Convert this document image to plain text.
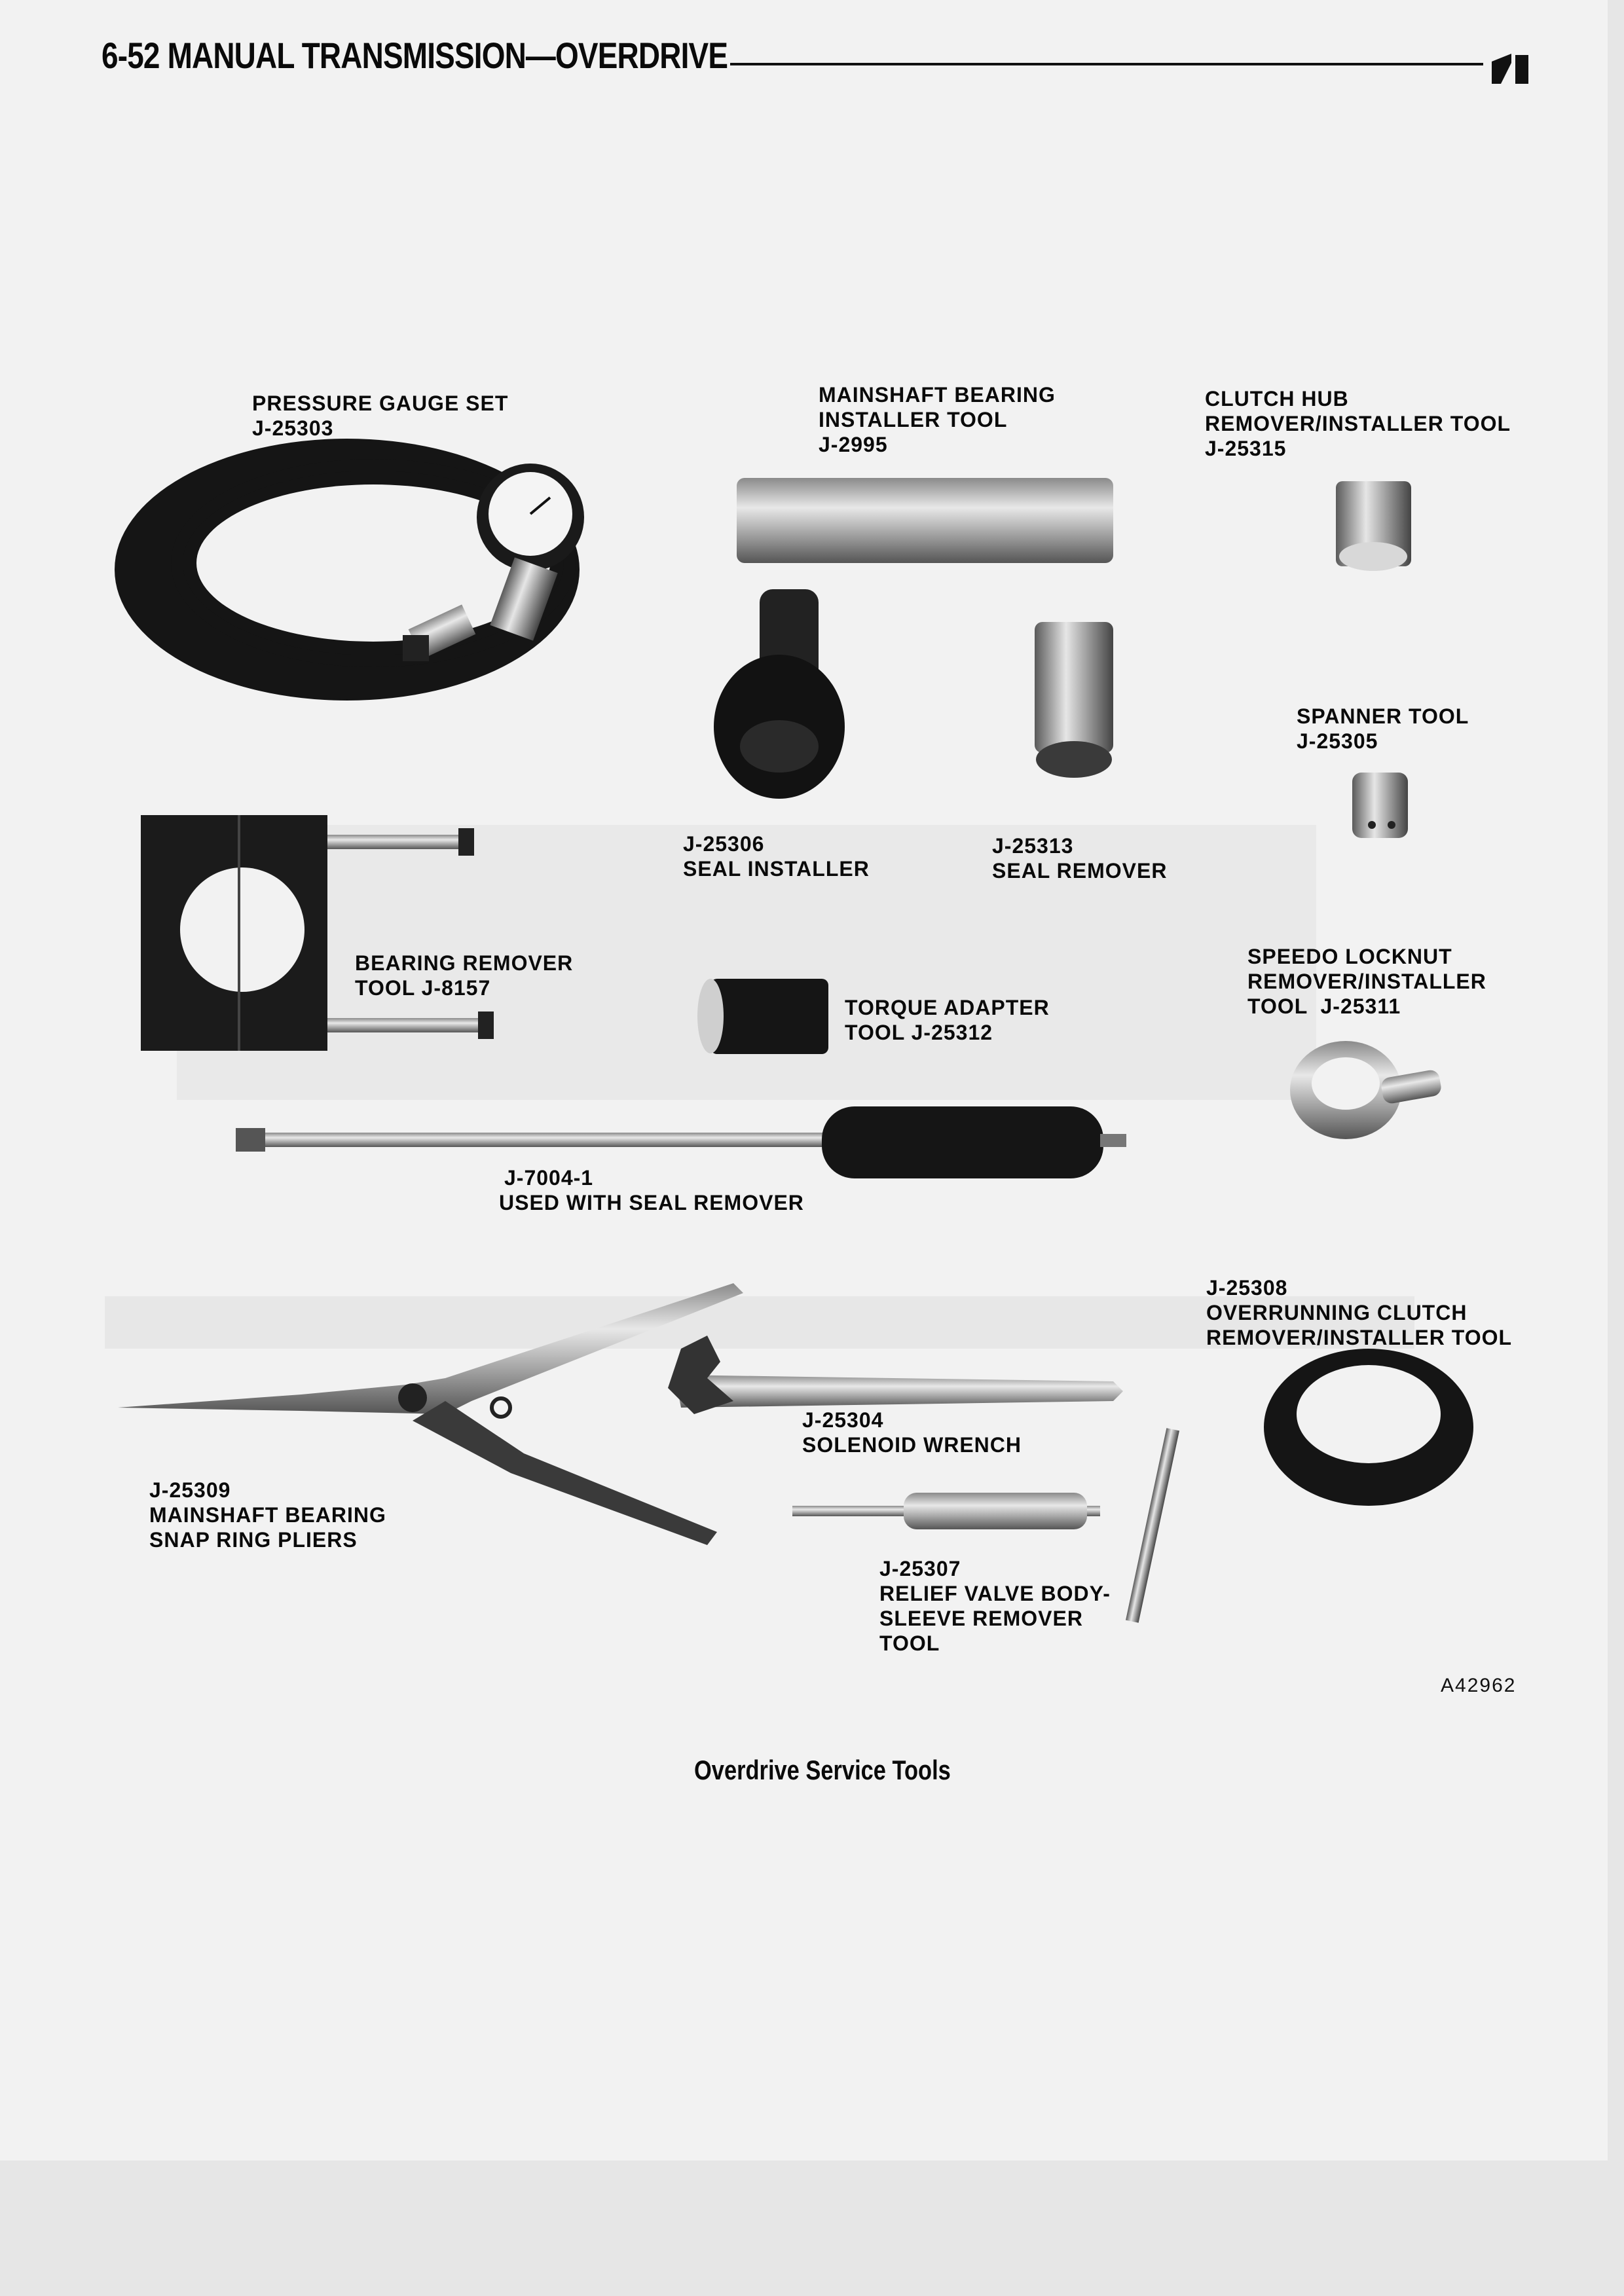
6-52 MANUAL TRANSMISSION—OVERDRIVE
PRESSURE GAUGE SET
J-25303
MAINSHAFT BEARING
INSTALLER TOOL
J-2995
CLUTCH HUB
REMOVER/INSTALLER TOOL
J-25315
SPANNER TOOL
J-25305
J-25306
SEAL INSTALLER
J-25313
SEAL REMOVER
BEARING REMOVER
TOOL J-8157
SPEEDO LOCKNUT
REMOVER/INSTALLER
TOOL  J-25311
TORQUE ADAPTER
TOOL J-25312
J-7004-1
USED WITH SEAL REMOVER
J-25308
OVERRUNNING CLUTCH
REMOVER/INSTALLER TOOL
J-25304
SOLENOID WRENCH
J-25309
MAINSHAFT BEARING
SNAP RING PLIERS
J-25307
RELIEF VALVE BODY-
SLEEVE REMOVER
TOOL
A42962
Overdrive Service Tools
